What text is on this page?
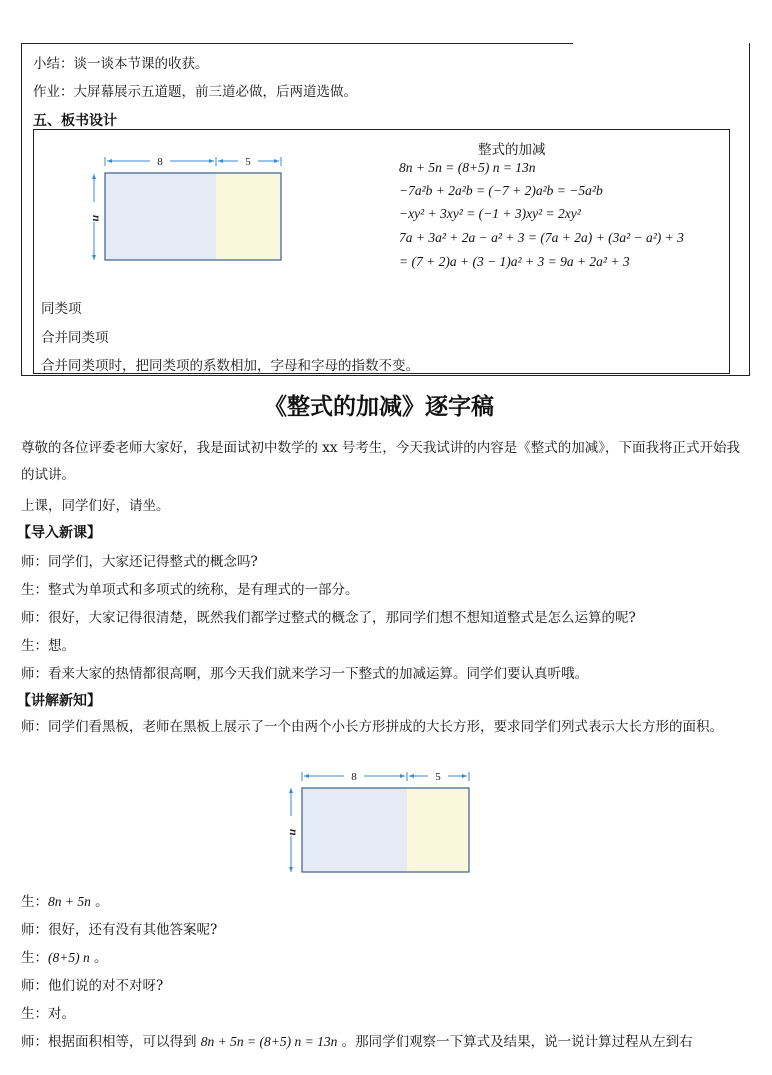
小结：谈一谈本节课的收获。
作业：大屏幕展示五道题，前三道必做，后两道选做。
五、板书设计
8	5
n
整式的加减
8n + 5n = (8+5) n = 13n
−7a²b + 2a²b = (−7 + 2)a²b = −5a²b
−xy² + 3xy² = (−1 + 3)xy² = 2xy²
7a + 3a² + 2a − a² + 3 = (7a + 2a) + (3a² − a²) + 3
= (7 + 2)a + (3 − 1)a² + 3 = 9a + 2a² + 3
同类项
合并同类项
合并同类项时，把同类项的系数相加，字母和字母的指数不变。
《整式的加减》逐字稿
尊敬的各位评委老师大家好，我是面试初中数学的 xx 号考生，今天我试讲的内容是《整式的加减》，下面我将正式开始我的试讲。
上课，同学们好，请坐。
【导入新课】
师：同学们，大家还记得整式的概念吗?
生：整式为单项式和多项式的统称，是有理式的一部分。
师：很好，大家记得很清楚，既然我们都学过整式的概念了，那同学们想不想知道整式是怎么运算的呢?
生：想。
师：看来大家的热情都很高啊，那今天我们就来学习一下整式的加减运算。同学们要认真听哦。
【讲解新知】
师：同学们看黑板，老师在黑板上展示了一个由两个小长方形拼成的大长方形，要求同学们列式表示大长方形的面积。
8	5
n
生：8n + 5n 。
师：很好，还有没有其他答案呢?
生：(8+5) n 。
师：他们说的对不对呀?
生：对。
师：根据面积相等，可以得到 8n + 5n = (8+5) n = 13n 。那同学们观察一下算式及结果，说一说计算过程从左到右
